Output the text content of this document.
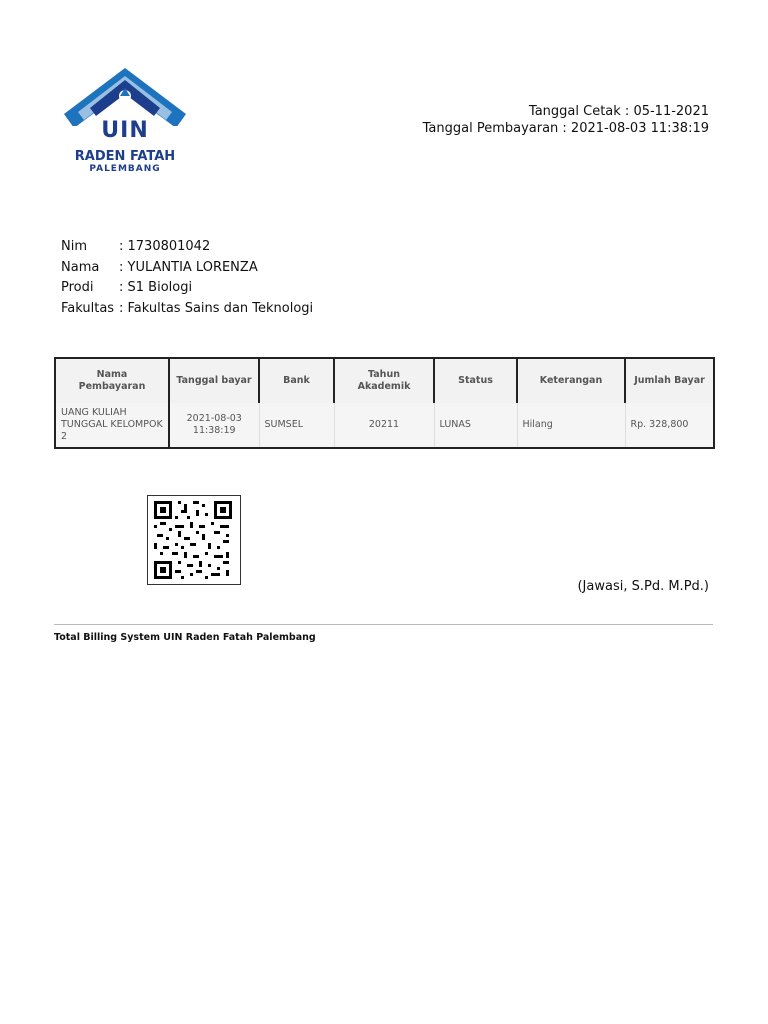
UIN
RADEN FATAH
PALEMBANG
Tanggal Cetak : 05-11-2021
Tanggal Pembayaran : 2021-08-03 11:38:19
Nim	: 1730801042
Nama	: YULANTIA LORENZA
Prodi	: S1 Biologi
Fakultas : Fakultas Sains dan Teknologi
Nama Pembayaran	Tanggal bayar	Bank	Tahun Akademik	Status	Keterangan	Jumlah Bayar
UANG KULIAH TUNGGAL KELOMPOK 2	2021-08-03 11:38:19	SUMSEL	20211	LUNAS	Hilang	Rp. 328,800
(Jawasi, S.Pd. M.Pd.)
Total Billing System UIN Raden Fatah Palembang
